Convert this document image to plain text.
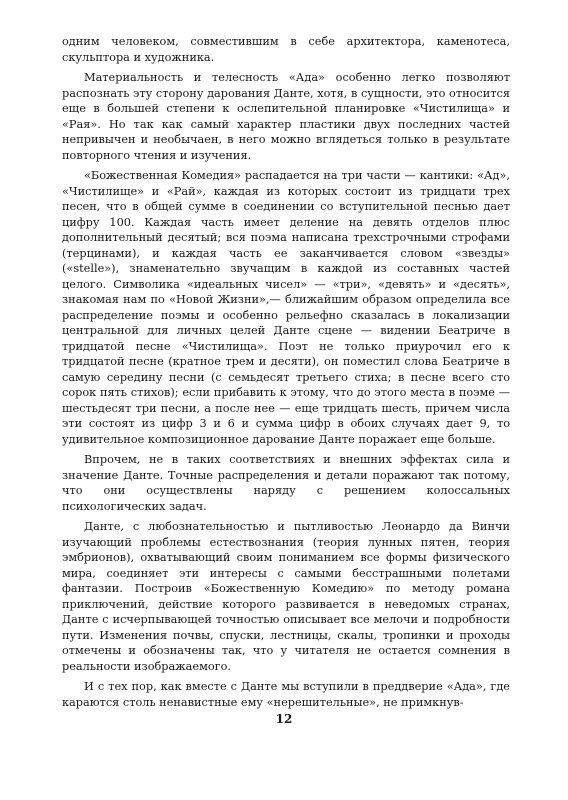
одним человеком, совместившим в себе архитектора, каменотеса, скульптора и художника.

Материальность и телесность «Ада» особенно легко позволяют распознать эту сторону дарования Данте, хотя, в сущности, это относится еще в большей степени к ослепительной планировке «Чистилища» и «Рая». Но так как самый характер пластики двух последних частей непривычен и необычаен, в него можно вглядеться только в результате повторного чтения и изучения.

«Божественная Комедия» распадается на три части — кантики: «Ад», «Чистилище» и «Рай», каждая из которых состоит из тридцати трех песен, что в общей сумме в соединении со вступительной песнью дает цифру 100. Каждая часть имеет деление на девять отделов плюс дополнительный десятый; вся поэма написана трехстрочными строфами (терцинами), и каждая часть ее заканчивается словом «звезды» («stelle»), знаменательно звучащим в каждой из составных частей целого. Символика «идеальных чисел» — «три», «девять» и «десять», знакомая нам по «Новой Жизни»,— ближайшим образом определила все распределение поэмы и особенно рельефно сказалась в локализации центральной для личных целей Данте сцене — видении Беатриче в тридцатой песне «Чистилища». Поэт не только приурочил его к тридцатой песне (кратное трем и десяти), он поместил слова Беатриче в самую середину песни (с семьдесят третьего стиха; в песне всего сто сорок пять стихов); если прибавить к этому, что до этого места в поэме — шестьдесят три песни, а после нее — еще тридцать шесть, причем числа эти состоят из цифр 3 и 6 и сумма цифр в обоих случаях дает 9, то удивительное композиционное дарование Данте поражает еще больше.

Впрочем, не в таких соответствиях и внешних эффектах сила и значение Данте. Точные распределения и детали поражают так потому, что они осуществлены наряду с решением колоссальных психологических задач.

Данте, с любознательностью и пытливостью Леонардо да Винчи изучающий проблемы естествознания (теория лунных пятен, теория эмбрионов), охватывающий своим пониманием все формы физического мира, соединяет эти интересы с самыми бесстрашными полетами фантазии. Построив «Божественную Комедию» по методу романа приключений, действие которого развивается в неведомых странах, Данте с исчерпывающей точностью описывает все мелочи и подробности пути. Изменения почвы, спуски, лестницы, скалы, тропинки и проходы отмечены и обозначены так, что у читателя не остается сомнения в реальности изображаемого.

И с тех пор, как вместе с Данте мы вступили в преддверие «Ада», где караются столь ненавистные ему «нерешительные», не примкнув-

12
